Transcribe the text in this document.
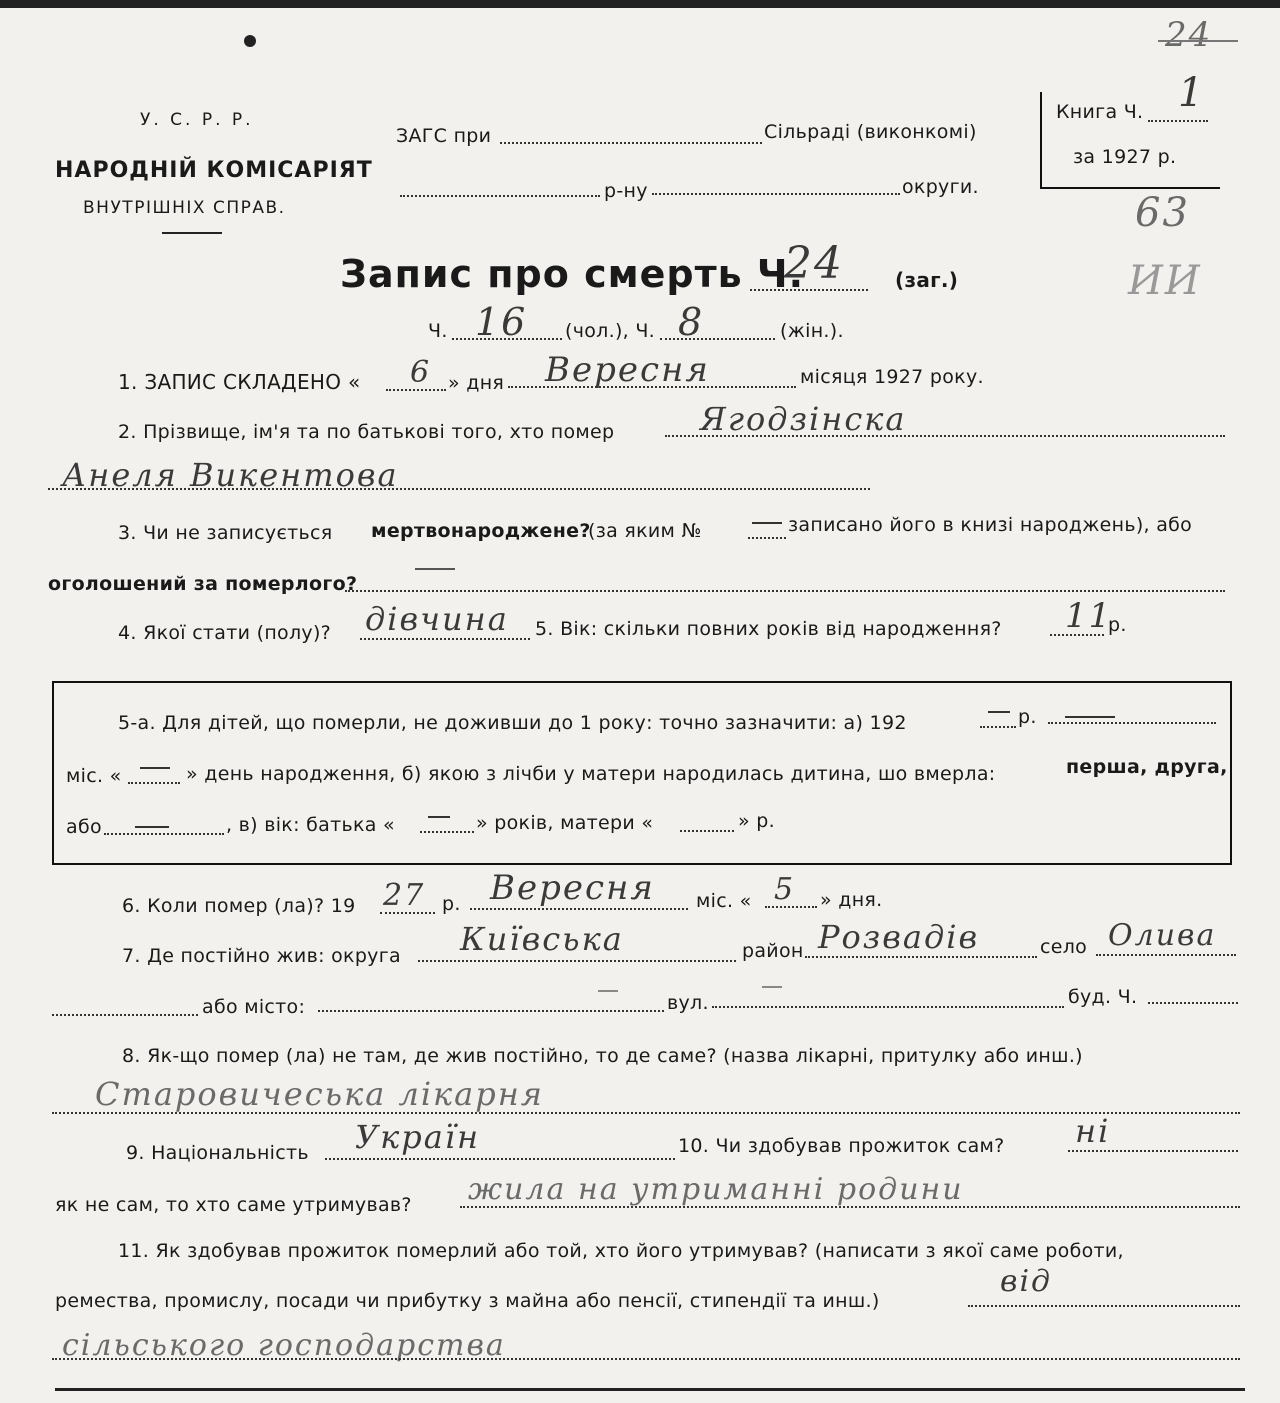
24
У. С. Р. Р.
НАРОДНІЙ КОМІСАРІЯТ
ВНУТРІШНІХ СПРАВ.
ЗАГС при	Сільраді (виконкомі)
р-ну	округи.
Книга Ч. 1
за 1927 р.
63
ИИ
Запис про смерть Ч.
24	(заг.)
Ч. 16 (чол.), Ч. 8	(жін.).
1. ЗАПИС СКЛАДЕНО « 6 » дня Вересня	місяця 1927 року.
2. Прізвище, ім'я та по батькові того, хто помер	Ягодзінска
Анеля Викентова
3. Чи не записується мертвонароджене?
(за яким №	записано його в книзі народжень), або
оголошений за померлого?
4. Якої стати (полу)? дівчина 5. Вік: скільки повних років від народження? 11
р.
5-а. Для дітей, що померли, не доживши до 1 року: точно зазначити: а) 192	р.
міс. «	» день народження, б) якою з лічби у матери народилась дитина, шо вмерла:	перша, друга,
або	, в) вік: батька «	» років, матери «	» р.
6. Коли помер (ла)? 19 27 р. Вересня міс. « 5 » дня.
7. Де постійно жив: округа Київська	район Розвадів	село Олива
або місто:	вул.	буд. Ч.
8. Як-що помер (ла) не там, де жив постійно, то де саме? (назва лікарні, притулку або инш.)
Старовичеська лікарня
9. Національність Україн	10. Чи здобував прожиток сам? ні
як не сам, то хто саме утримував? жила на утриманні родини
11. Як здобував прожиток померлий або той, хто його утримував? (написати з якої саме роботи,
ремества, промислу, посади чи прибутку з майна або пенсії, стипендії та инш.)
від
сільського господарства
